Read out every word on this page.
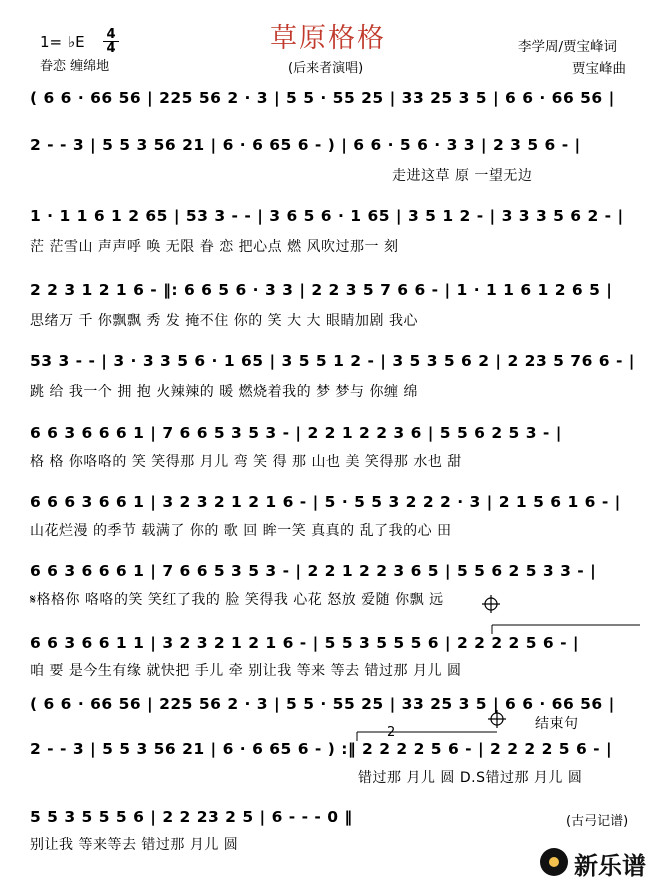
草原格格
1= ♭E 4
4
眷恋 缠绵地	(后来者演唱)
李学周/贾宝峰词
贾宝峰曲
( 6 6 · 66 56 | 225 56 2 · 3 | 5 5 · 55 25 | 33 25 3 5 | 6 6 · 66 56 |
2 - - 3 | 5 5 3 56 21 | 6 · 6 65 6 - ) | 6 6 · 5 6 · 3 3 | 2 3 5 6 - |
走进这草 原 一望无边
1 · 1 1 6 1 2 65 | 53 3 - - | 3 6 5 6 · 1 65 | 3 5 1 2 - | 3 3 3 5 6 2 - |
茫 茫雪山 声声呼 唤 无限 眷 恋 把心点 燃 风吹过那一 刻
2 2 3 1 2 1 6 - ‖: 6 6 5 6 · 3 3 | 2 2 3 5 7 6 6 - | 1 · 1 1 6 1 2 6 5 |
思绪万 千 你飘飘 秀 发 掩不住 你的 笑 大 大 眼睛加剧 我心
53 3 - - | 3 · 3 3 5 6 · 1 65 | 3 5 5 1 2 - | 3 5 3 5 6 2 | 2 23 5 76 6 - |
跳 给 我一个 拥 抱 火辣辣的 暖 燃烧着我的 梦 梦与 你缠 绵
6 6 3 6 6 6 1 | 7 6 6 5 3 5 3 - | 2 2 1 2 2 3 6 | 5 5 6 2 5 3 - |
格 格 你咯咯的 笑 笑得那 月儿 弯 笑 得 那 山也 美 笑得那 水也 甜
6 6 6 3 6 6 1 | 3 2 3 2 1 2 1 6 - | 5 · 5 5 3 2 2 2 · 3 | 2 1 5 6 1 6 - |
山花烂漫 的季节 载满了 你的 歌 回 眸一笑 真真的 乱了我的心 田
6 6 3 6 6 6 1 | 7 6 6 5 3 5 3 - | 2 2 1 2 2 3 6 5 | 5 5 6 2 5 3 3 - |
𝄋格格你 咯咯的笑 笑红了我的 脸 笑得我 心花 怒放 爱随 你飘 远
6 6 3 6 6 1 1 | 3 2 3 2 1 2 1 6 - | 5 5 3 5 5 5 6 | 2 2 2 2 5 6 - |
咱 要 是今生有缘 就快把 手儿 牵 别让我 等来 等去 错过那 月儿 圆
( 6 6 · 66 56 | 225 56 2 · 3 | 5 5 · 55 25 | 33 25 3 5 | 6 6 · 66 56 |
2 - - 3 | 5 5 3 56 21 | 6 · 6 65 6 - ) :‖ 2 2 2 2 5 6 - | 2 2 2 2 5 6 - |
错过那 月儿 圆 D.S错过那 月儿 圆
5 5 3 5 5 5 6 | 2 2 23 2 5 | 6 - - - 0 ‖
别让我 等来等去 错过那 月儿 圆
2
结束句
(古弓记谱)
新乐谱
